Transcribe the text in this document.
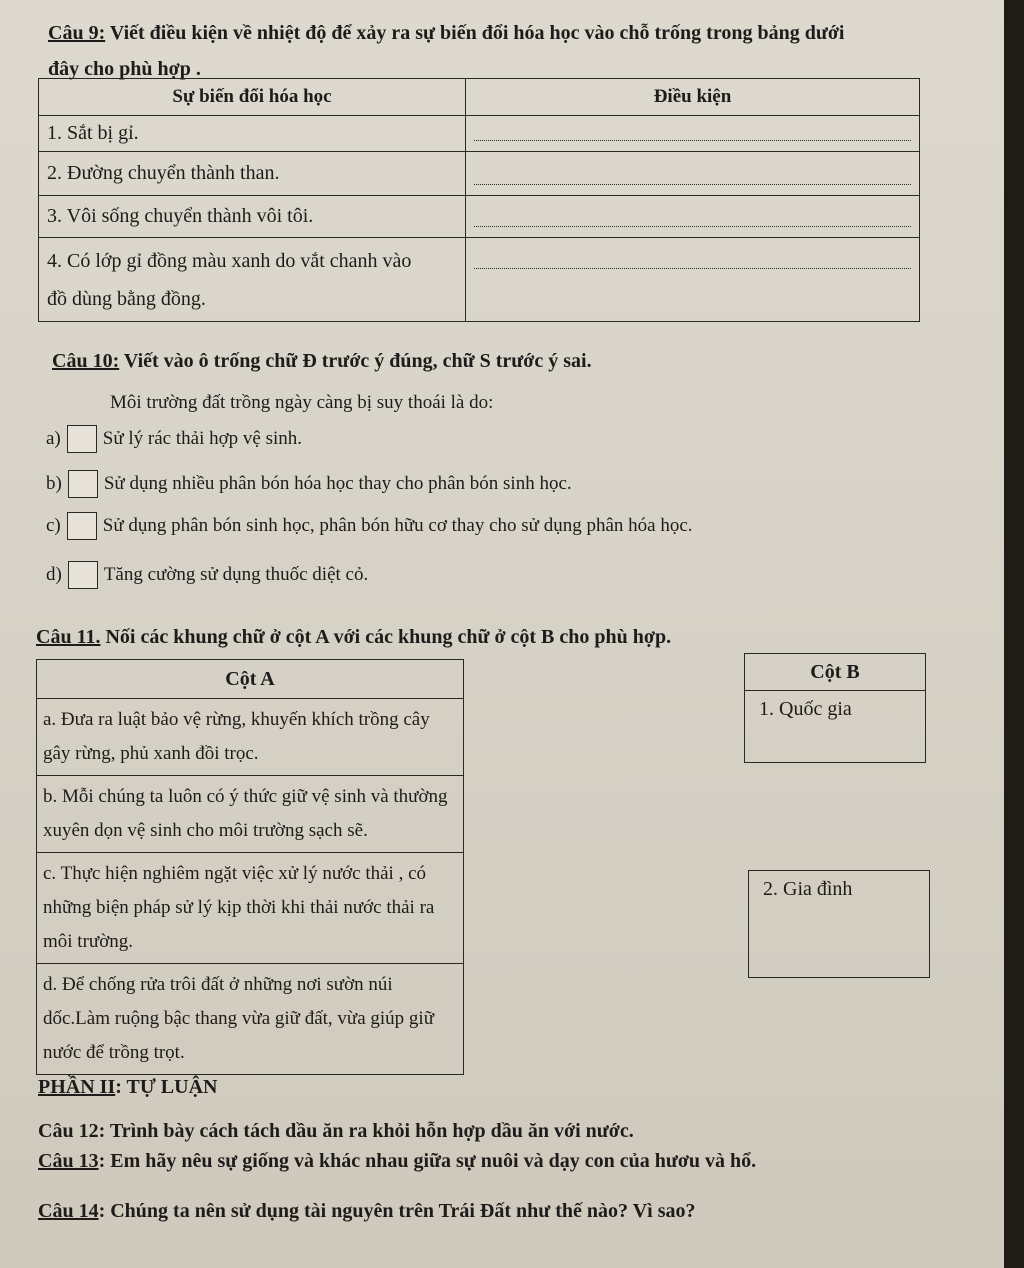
Câu 9: Viết điều kiện về nhiệt độ để xảy ra sự biến đổi hóa học vào chỗ trống trong bảng dưới
đây cho phù hợp .
Sự biến đổi hóa học	Điều kiện
1. Sắt bị gỉ.	

2. Đường chuyển thành than.	

3. Vôi sống chuyển thành vôi tôi.	

4. Có lớp gỉ đồng màu xanh do vắt chanh vào
đồ dùng bằng đồng.	
Câu 10: Viết vào ô trống chữ Đ trước ý đúng, chữ S trước ý sai.
Môi trường đất trồng ngày càng bị suy thoái là do:
a) Sử lý rác thải hợp vệ sinh.
b) Sử dụng nhiều phân bón hóa học thay cho phân bón sinh học.
c) Sử dụng phân bón sinh học, phân bón hữu cơ thay cho sử dụng phân hóa học.
d) Tăng cường sử dụng thuốc diệt cỏ.
Câu 11. Nối các khung chữ ở cột A với các khung chữ ở cột B cho phù hợp.
Cột A
a. Đưa ra luật bảo vệ rừng, khuyến khích trồng cây gây rừng, phủ xanh đồi trọc.
b. Mỗi chúng ta luôn có ý thức giữ vệ sinh và thường xuyên dọn vệ sinh cho môi trường sạch sẽ.
c. Thực hiện nghiêm ngặt việc xử lý nước thải , có những biện pháp sử lý kịp thời khi thải nước thải ra môi trường.
d. Để chống rửa trôi đất ở những nơi sườn núi dốc.Làm ruộng bậc thang vừa giữ đất, vừa giúp giữ nước để trồng trọt.
Cột B
1. Quốc gia
2. Gia đình
PHẦN II: TỰ LUẬN
Câu 12: Trình bày cách tách dầu ăn ra khỏi hỗn hợp dầu ăn với nước.
Câu 13: Em hãy nêu sự giống và khác nhau giữa sự nuôi và dạy con của hươu và hổ.
Câu 14: Chúng ta nên sử dụng tài nguyên trên Trái Đất như thế nào? Vì sao?
